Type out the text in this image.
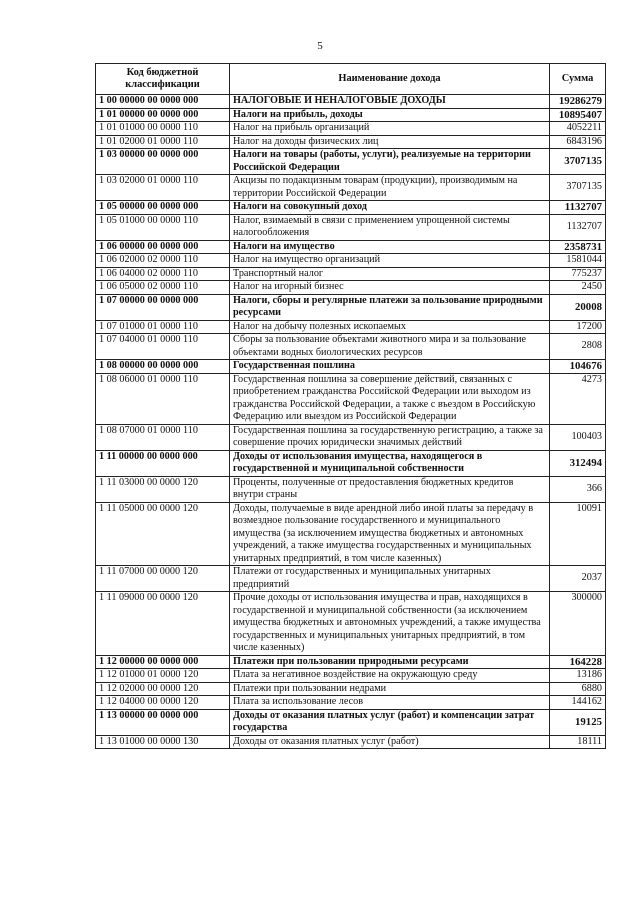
5
Код бюджетной классификации	Наименование дохода	Сумма
1 00 00000 00 0000 000	НАЛОГОВЫЕ И НЕНАЛОГОВЫЕ ДОХОДЫ	19286279
1 01 00000 00 0000 000	Налоги на прибыль, доходы	10895407
1 01 01000 00 0000 110	Налог на прибыль организаций	4052211
1 01 02000 01 0000 110	Налог на доходы физических лиц	6843196
1 03 00000 00 0000 000	Налоги на товары (работы, услуги), реализуемые на территории Российской Федерации	3707135
1 03 02000 01 0000 110	Акцизы по подакцизным товарам (продукции), производимым на территории Российской Федерации	3707135
1 05 00000 00 0000 000	Налоги на совокупный доход	1132707
1 05 01000 00 0000 110	Налог, взимаемый в связи с применением упрощенной системы налогообложения	1132707
1 06 00000 00 0000 000	Налоги на имущество	2358731
1 06 02000 02 0000 110	Налог на имущество организаций	1581044
1 06 04000 02 0000 110	Транспортный налог	775237
1 06 05000 02 0000 110	Налог на игорный бизнес	2450
1 07 00000 00 0000 000	Налоги, сборы и регулярные платежи за пользование природными ресурсами	20008
1 07 01000 01 0000 110	Налог на добычу полезных ископаемых	17200
1 07 04000 01 0000 110	Сборы за пользование объектами животного мира и за пользование объектами водных биологических ресурсов	2808
1 08 00000 00 0000 000	Государственная пошлина	104676
1 08 06000 01 0000 110	Государственная пошлина за совершение действий, связанных с приобретением гражданства Российской Федерации или выходом из гражданства Российской Федерации, а также с въездом в Российскую Федерацию или выездом из Российской Федерации	4273
1 08 07000 01 0000 110	Государственная пошлина за государственную регистрацию, а также за совершение прочих юридически значимых действий	100403
1 11 00000 00 0000 000	Доходы от использования имущества, находящегося в государственной и муниципальной собственности	312494
1 11 03000 00 0000 120	Проценты, полученные от предоставления бюджетных кредитов внутри страны	366
1 11 05000 00 0000 120	Доходы, получаемые в виде арендной либо иной платы за передачу в возмездное пользование государственного и муниципального имущества (за исключением имущества бюджетных и автономных учреждений, а также имущества государственных и муниципальных унитарных предприятий, в том числе казенных)	10091
1 11 07000 00 0000 120	Платежи от государственных и муниципальных унитарных предприятий	2037
1 11 09000 00 0000 120	Прочие доходы от использования имущества и прав, находящихся в государственной и муниципальной собственности (за исключением имущества бюджетных и автономных учреждений, а также имущества государственных и муниципальных унитарных предприятий, в том числе казенных)	300000
1 12 00000 00 0000 000	Платежи при пользовании природными ресурсами	164228
1 12 01000 01 0000 120	Плата за негативное воздействие на окружающую среду	13186
1 12 02000 00 0000 120	Платежи при пользовании недрами	6880
1 12 04000 00 0000 120	Плата за использование лесов	144162
1 13 00000 00 0000 000	Доходы от оказания платных услуг (работ) и компенсации затрат государства	19125
1 13 01000 00 0000 130	Доходы от оказания платных услуг (работ)	18111
